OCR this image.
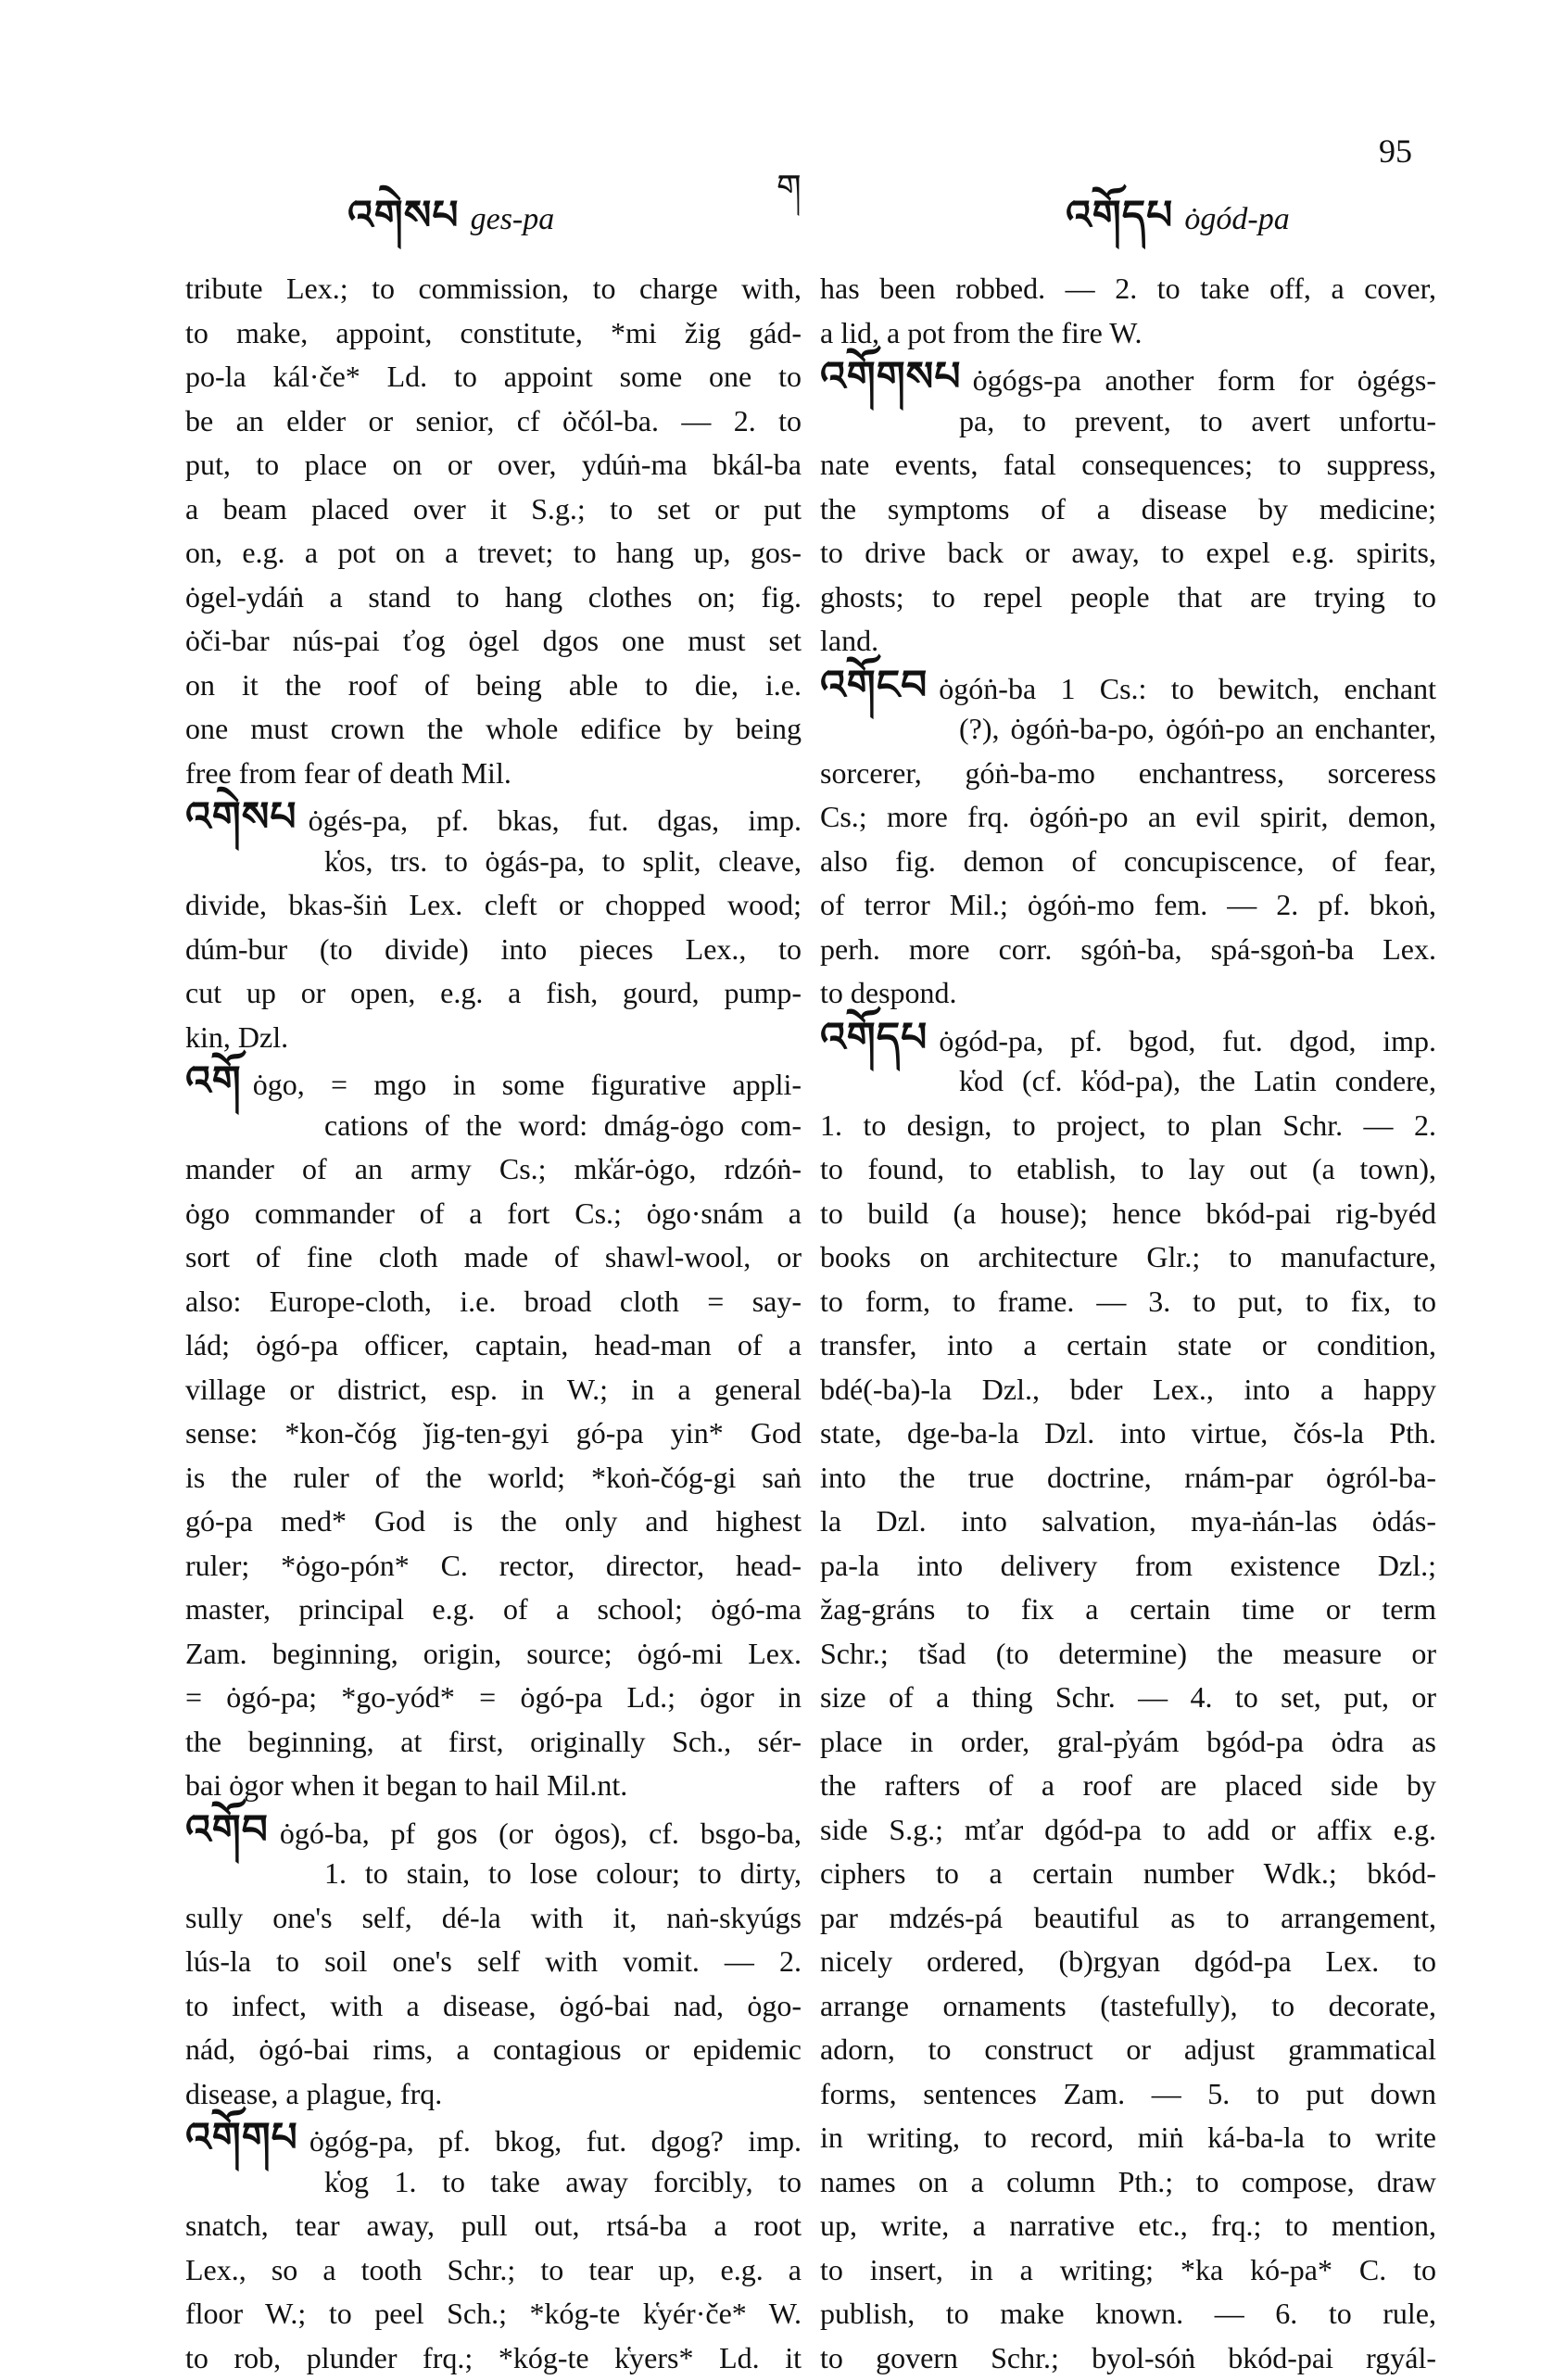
འགེསཔ ges-pa
ག
འགོདཔ ȯgód-pa
95
tribute Lex.; to commission, to charge with,
to make, appoint, constitute, *mi žig gád-
po-la kál·če* Ld. to appoint some one to
be an elder or senior, cf ȯčól-ba. — 2. to
put, to place on or over, ydúṅ-ma bkál-ba
a beam placed over it S.g.; to set or put
on, e.g. a pot on a trevet; to hang up, gos-
ȯgel-ydáṅ a stand to hang clothes on; fig.
ȯči-bar nús-pai ťog ȯgel dgos one must set
on it the roof of being able to die, i.e.
one must crown the whole edifice by being
free from fear of death Mil.
འགེསཔ ȯgés-pa, pf. bkas, fut. dgas, imp.
k̔os, trs. to ȯgás-pa, to split, cleave,
divide, bkas-šiṅ Lex. cleft or chopped wood;
dúm-bur (to divide) into pieces Lex., to
cut up or open, e.g. a fish, gourd, pump-
kin, Dzl.
འགོ ȯgo, = mgo in some figurative appli-
cations of the word: dmág-ȯgo com-
mander of an army Cs.; mk̔ár-ȯgo, rdzóṅ-
ȯgo commander of a fort Cs.; ȯgo·snám a
sort of fine cloth made of shawl-wool, or
also: Europe-cloth, i.e. broad cloth = say-
lád; ȯgó-pa officer, captain, head-man of a
village or district, esp. in W.; in a general
sense: *kon-čóg ǰig-ten-gyi gó-pa yin* God
is the ruler of the world; *koṅ-čóg-gi saṅ
gó-pa med* God is the only and highest
ruler; *ȯgo-pón* C. rector, director, head-
master, principal e.g. of a school; ȯgó-ma
Zam. beginning, origin, source; ȯgó-mi Lex.
= ȯgó-pa; *go-yód* = ȯgó-pa Ld.; ȯgor in
the beginning, at first, originally Sch., sér-
bai ȯgor when it began to hail Mil.nt.
འགོབ ȯgó-ba, pf gos (or ȯgos), cf. bsgo-ba,
1. to stain, to lose colour; to dirty,
sully one's self, dé-la with it, naṅ-skyúgs
lús-la to soil one's self with vomit. — 2.
to infect, with a disease, ȯgó-bai nad, ȯgo-
nád, ȯgó-bai rims, a contagious or epidemic
disease, a plague, frq.
འགོགཔ ȯgóg-pa, pf. bkog, fut. dgog? imp.
k̔og 1. to take away forcibly, to
snatch, tear away, pull out, rtsá-ba a root
Lex., so a tooth Schr.; to tear up, e.g. a
floor W.; to peel Sch.; *kóg-te k̔yér·če* W.
to rob, plunder frq.; *kóg-te k̔yers* Ld. it
has been robbed. — 2. to take off, a cover,
a lid, a pot from the fire W.
འགོགསཔ ȯgógs-pa another form for ȯgégs-
pa, to prevent, to avert unfortu-
nate events, fatal consequences; to suppress,
the symptoms of a disease by medicine;
to drive back or away, to expel e.g. spirits,
ghosts; to repel people that are trying to
land.
འགོངབ ȯgóṅ-ba 1 Cs.: to bewitch, enchant
(?), ȯgóṅ-ba-po, ȯgóṅ-po an enchanter,
sorcerer, góṅ-ba-mo enchantress, sorceress
Cs.; more frq. ȯgóṅ-po an evil spirit, demon,
also fig. demon of concupiscence, of fear,
of terror Mil.; ȯgóṅ-mo fem. — 2. pf. bkoṅ,
perh. more corr. sgóṅ-ba, spá-sgoṅ-ba Lex.
to despond.
འགོདཔ ȯgód-pa, pf. bgod, fut. dgod, imp.
k̔od (cf. k̔ód-pa), the Latin condere,
1. to design, to project, to plan Schr. — 2.
to found, to etablish, to lay out (a town),
to build (a house); hence bkód-pai rig-byéd
books on architecture Glr.; to manufacture,
to form, to frame. — 3. to put, to fix, to
transfer, into a certain state or condition,
bdé(-ba)-la Dzl., bder Lex., into a happy
state, dge-ba-la Dzl. into virtue, čós-la Pth.
into the true doctrine, rnám-par ȯgról-ba-
la Dzl. into salvation, mya-ṅán-las ȯdás-
pa-la into delivery from existence Dzl.;
žag-gráns to fix a certain time or term
Schr.; tšad (to determine) the measure or
size of a thing Schr. — 4. to set, put, or
place in order, gral-p̓yám bgód-pa ȯdra as
the rafters of a roof are placed side by
side S.g.; mťar dgód-pa to add or affix e.g.
ciphers to a certain number Wdk.; bkód-
par mdzés-pá beautiful as to arrangement,
nicely ordered, (b)rgyan dgód-pa Lex. to
arrange ornaments (tastefully), to decorate,
adorn, to construct or adjust grammatical
forms, sentences Zam. — 5. to put down
in writing, to record, miṅ ká-ba-la to write
names on a column Pth.; to compose, draw
up, write, a narrative etc., frq.; to mention,
to insert, in a writing; *ka kó-pa* C. to
publish, to make known. — 6. to rule,
to govern Schr.; byol-sóṅ bkód-pai rgyál-
